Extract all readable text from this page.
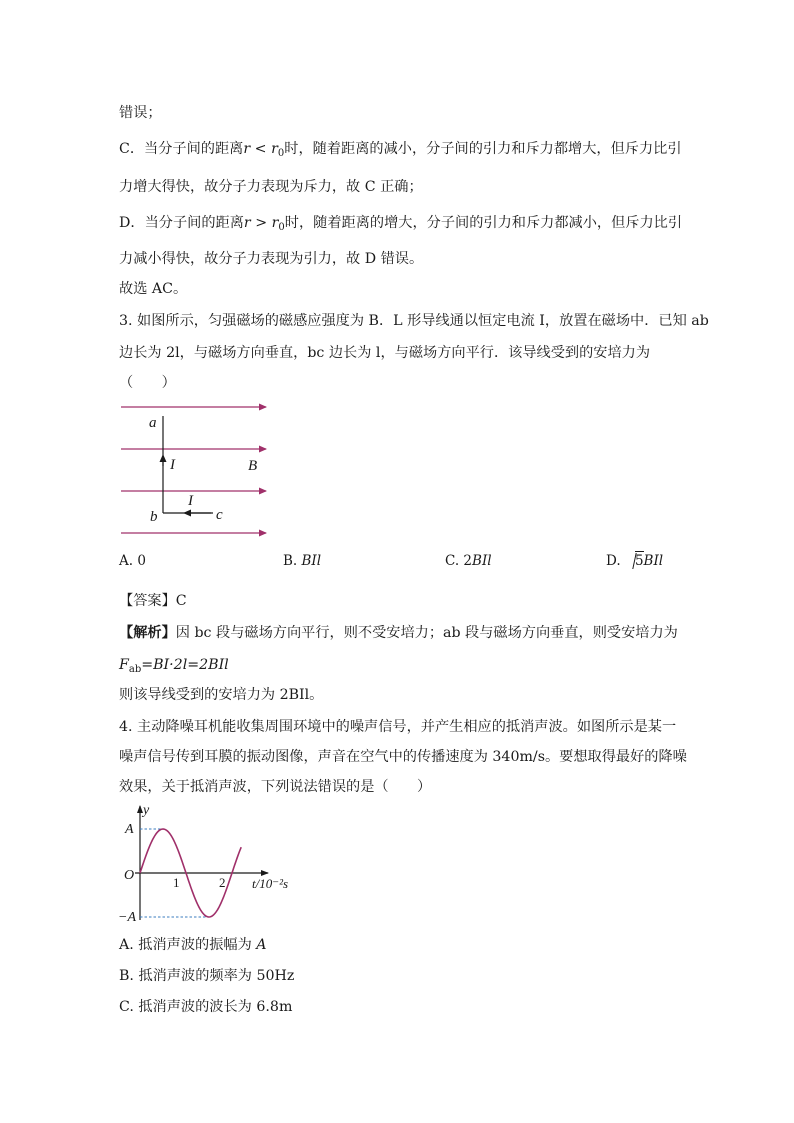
错误；
C．当分子间的距离$r < r_0$时，随着距离的减小，分子间的引力和斥力都增大，但斥力比引
力增大得快，故分子力表现为斥力，故 C 正确；
D．当分子间的距离$r > r_0$时，随着距离的增大，分子间的引力和斥力都减小，但斥力比引
力减小得快，故分子力表现为引力，故 D 错误。
故选 AC。
3. 如图所示，匀强磁场的磁感应强度为 B．L 形导线通以恒定电流 I，放置在磁场中．已知 ab
边长为 2l，与磁场方向垂直，bc 边长为 l，与磁场方向平行．该导线受到的安培力为
（　　）
a
I	B
I
b	c
A. 0	B. BIl	C. 2BIl	D. 5BIl
【答案】C
【解析】因 bc 段与磁场方向平行，则不受安培力；ab 段与磁场方向垂直，则受安培力为
$F_{ab}=BI\cdot 2l=2BIl$
则该导线受到的安培力为 2BIl。
4. 主动降噪耳机能收集周围环境中的噪声信号，并产生相应的抵消声波。如图所示是某一
噪声信号传到耳膜的振动图像，声音在空气中的传播速度为 340m/s。要想取得最好的降噪
效果，关于抵消声波，下列说法错误的是（　　）
y
A
O	1	2 t/10⁻²s
−A
A. 抵消声波的振幅为 A
B. 抵消声波的频率为 50Hz
C. 抵消声波的波长为 6.8m
